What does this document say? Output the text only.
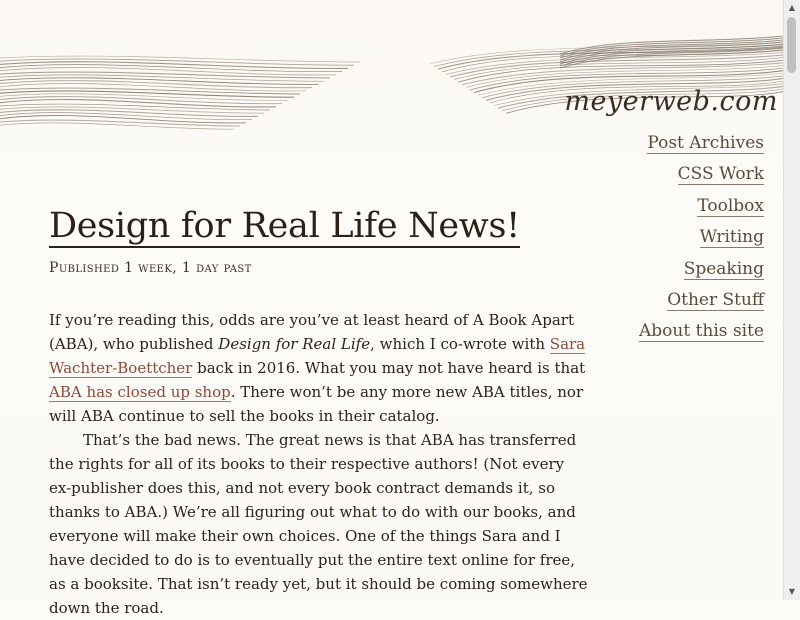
meyerweb.com
Post Archives
CSS Work
Toolbox
Writing
Speaking
Other Stuff
About this site
Design for Real Life News!
Published 1 week, 1 day past

If you’re reading this, odds are you’ve at least heard of A Book Apart (ABA), who published Design for Real Life, which I co-wrote with Sara Wachter-Boettcher back in 2016. What you may not have heard is that ABA has closed up shop. There won’t be any more new ABA titles, nor will ABA continue to sell the books in their catalog.

That’s the bad news. The great news is that ABA has transferred the rights for all of its books to their respective authors! (Not every ex-publisher does this, and not every book contract demands it, so thanks to ABA.) We’re all figuring out what to do with our books, and everyone will make their own choices. One of the things Sara and I have decided to do is to eventually put the entire text online for free, as a booksite. That isn’t ready yet, but it should be coming somewhere down the road.

▲
▼
